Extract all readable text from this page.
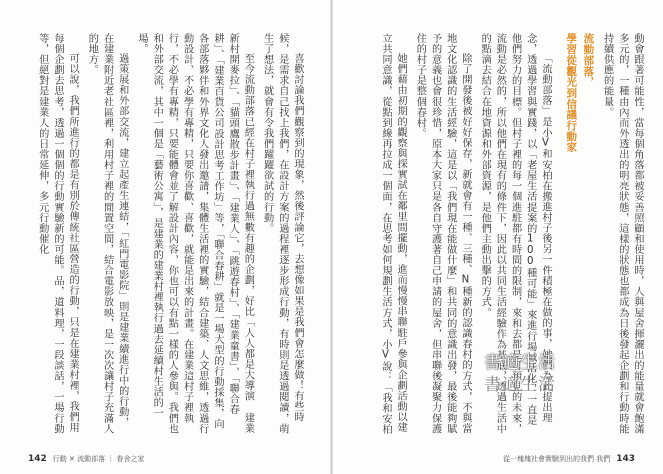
喜歡討論我們觀察到的現象，然後評論它，去想像如果是我們會怎麼做！有些時候，是需求自己找上我們，在設計方案的過程裡逐步形成行動，有時則是透過閱讀，萌生了想法，就會有令我們躍躍欲試的行動。

至今流動部落已經在村子裡執行過無數有趣的企劃，好比「人人都是大導演 建業新村開麥拉」、「貓頭鷹散步計畫」、「建業人」、「跳遊春村」、「建業童書」、「聯合春耕」、「建業百貨公司設計思考工作坊」等，「聯合春耕」就是一場大型的行動採集，向各部落夥伴和外界文化人發出邀請，集體生活裡的實驗，結合建築、人文思維，透過行動設計、不必學有專精，只要你喜歡、喜歡，就能是出來的計畫。在建業這村子裡執行，不必學有專精，只要能體會並了解設計內容，你也可以有點一樣的人參與。我們也和外部交流，其中一個是「藝術公寓」，是建業的建業村裡執行過去延續村生活的一場。

過策展和外部交流，建立起產生連結，「紅門電影院」則是建業續進行中的行動，在建業附近老社區裡，利用村子裡的閒置空間，結合電影放映，是一次次讓村子充滿人的地方。

可以說，我們所進行的都是有別於傳統社區營造的行動，只是在建業村裡，我們用每個企劃去思考，透過一個個的行動實驗新的可能。品，道料理，一段談話，一場行動等，但絕對是建業人的日常延伸，多元行動催化

142 行動 ✕ 流動部落 ｜ 眷舍之家

動會跟著可能性，當每個角落都被妥善照顧和使用時，人與屋舍揮灑出的能量就會飽滿多元的，一種由內而外透出的明亮狀態，這樣的狀態也都成為日後發起企劃和行動時能持續供應的能量。

流動部落，
學習從觀光到信議行動家

「流動部落」是小V和安柏在搬進村子後另一件積極在做的事，她們為此提出理念，透過學習與實踐，以「老屋生活提案的100種可能」來進行場域活化，一直是他們努力的目標。但村子裡的每一個進駐都有時間的限制，來和去都是可預見的未來，流動是必然的，所以他們在現有的條件下，因此以共同生活經驗作為基底，透過生活中的點滴去結合在地資源和外部資源，是他們主動出擊的方式。

除了開發後被好好保存，新就會有一種、三種、N種新的認識春村的方式，不與當地文化認識的生活經驗，這是以「我們現在能做什麼」和共同的意識出發，最後能夠賦予的意義也會很珍惜，原本大家只是各自守護著自己申請的屋舍，但串聯後凝聚力保護住的村子是整個春村。

她們藉由初期的觀察與探實試在鄰里間擺動，進而慢慢串聯駐戶參與企劃活動以建立共同意識，從點到線再拉成一個面，在思考如何規劃生活方式，小V說：「我和安柏

從一塊塊社會實驗到出的我們 我們 143
書適生活
書適生活
